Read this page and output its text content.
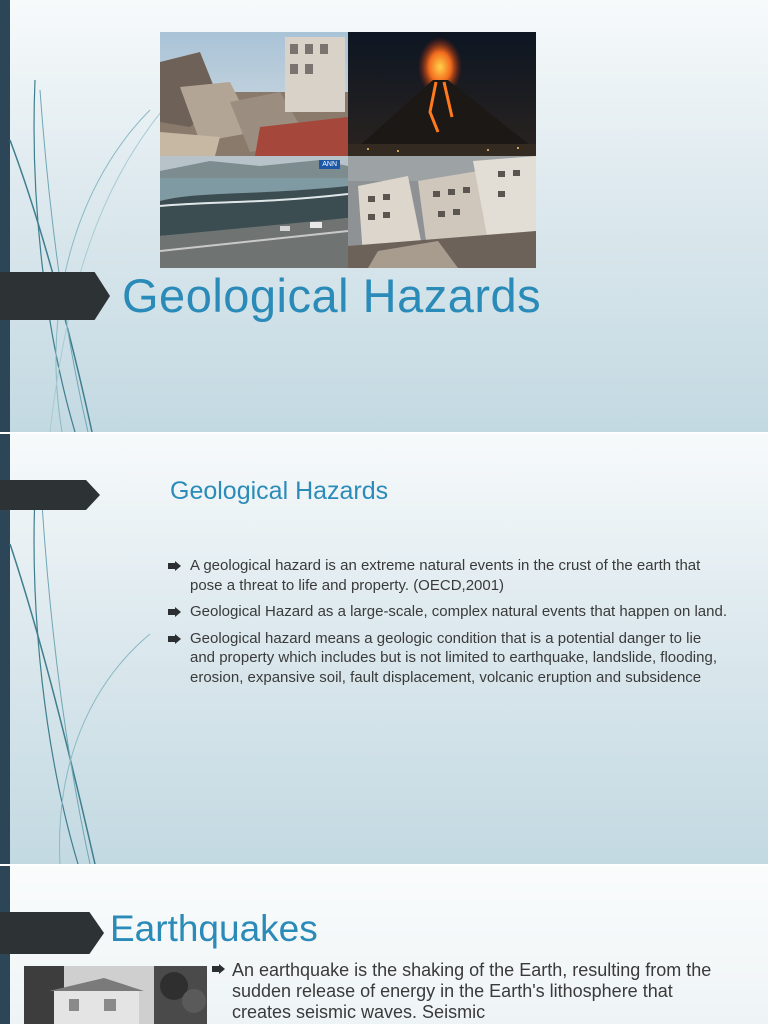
ANN
Geological Hazards
Geological Hazards
A geological hazard is an extreme natural events in the crust of the earth that pose a threat to life and property. (OECD,2001)
Geological Hazard as a large-scale, complex natural events that happen on land.
Geological hazard means a geologic condition that is a potential danger to lie and property which includes but is not limited to earthquake, landslide, flooding, erosion, expansive soil, fault displacement, volcanic eruption and subsidence
Earthquakes
An earthquake is the shaking of the Earth, resulting from the sudden release of energy in the Earth's lithosphere that creates seismic waves. Seismic
